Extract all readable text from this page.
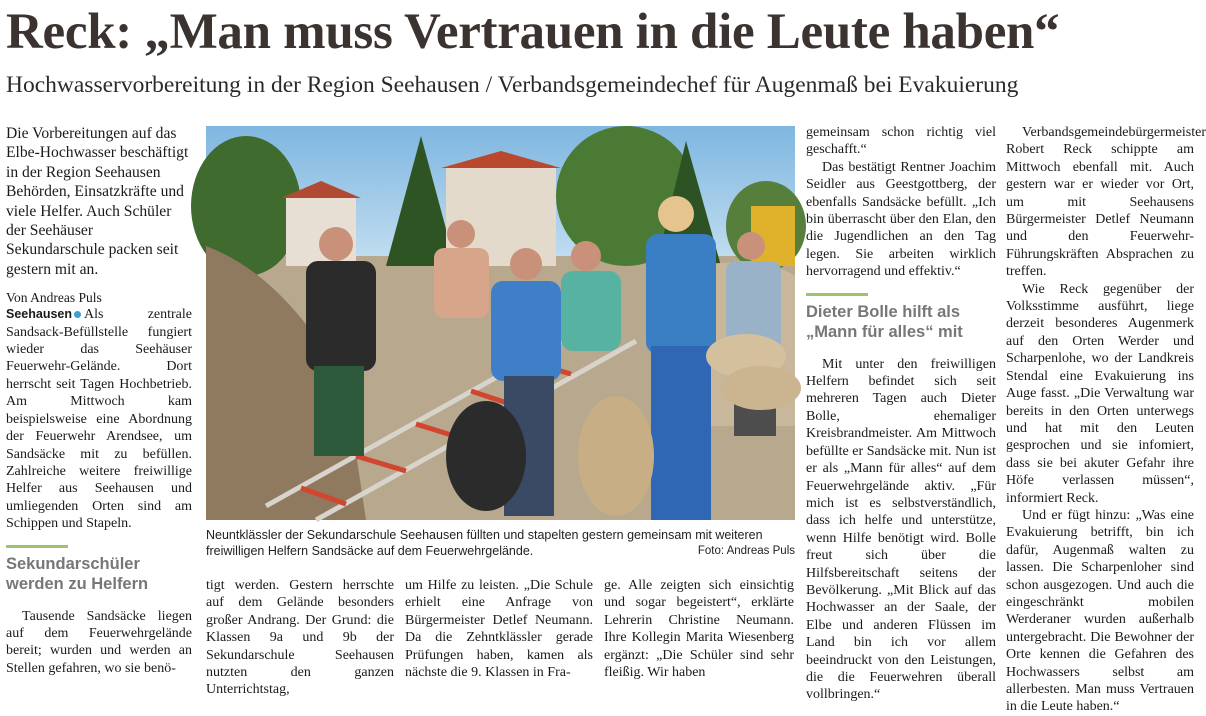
Reck: „Man muss Vertrauen in die Leute haben“
Hochwasservorbereitung in der Region Seehausen / Verbandsgemeindechef für Augenmaß bei Evakuierung

Die Vorbereitungen auf das Elbe-Hochwasser beschäftigt in der Region Seehausen Behörden, Einsatzkräfte und viele Helfer. Auch Schüler der Seehäuser Sekundarschule packen seit gestern mit an.

Von Andreas Puls

Seehausen Als zentrale Sandsack-Befüllstelle fungiert wieder das Seehäuser Feuerwehr-Gelände. Dort herrscht seit Tagen Hochbetrieb. Am Mittwoch kam beispielsweise eine Abordnung der Feuerwehr Arendsee, um Sandsäcke mit zu befüllen. Zahlreiche weitere freiwillige Helfer aus Seehausen und umliegenden Orten sind am Schippen und Stapeln.

Sekundarschüler
werden zu Helfern

Tausende Sandsäcke liegen auf dem Feuerwehrgelände bereit; wurden und werden an Stellen gefahren, wo sie benö-

Neuntklässler der Sekundarschule Seehausen füllten und stapelten gestern gemeinsam mit weiteren freiwilligen Helfern Sandsäcke auf dem Feuerwehrgelände.	Foto: Andreas Puls

tigt werden. Gestern herrschte auf dem Gelände besonders großer Andrang. Der Grund: die Klassen 9a und 9b der Sekundarschule Seehausen nutzten den ganzen Unterrichtstag,

um Hilfe zu leisten. „Die Schule erhielt eine Anfrage von Bürgermeister Detlef Neumann. Da die Zehntklässler gerade Prüfungen haben, kamen als nächste die 9. Klassen in Fra-

ge. Alle zeigten sich einsichtig und sogar begeistert“, erklärte Lehrerin Christine Neumann. Ihre Kollegin Marita Wiesenberg ergänzt: „Die Schüler sind sehr fleißig. Wir haben

gemeinsam schon richtig viel geschafft.“

Das bestätigt Rentner Joachim Seidler aus Geestgottberg, der ebenfalls Sandsäcke befüllt. „Ich bin überrascht über den Elan, den die Jugendlichen an den Tag legen. Sie arbeiten wirklich hervorragend und effektiv.“

Dieter Bolle hilft als
„Mann für alles“ mit

Mit unter den freiwilligen Helfern befindet sich seit mehreren Tagen auch Dieter Bolle, ehemaliger Kreisbrandmeister. Am Mittwoch befüllte er Sandsäcke mit. Nun ist er als „Mann für alles“ auf dem Feuerwehrgelände aktiv. „Für mich ist es selbstverständlich, dass ich helfe und unterstütze, wenn Hilfe benötigt wird. Bolle freut sich über die Hilfsbereitschaft seitens der Bevölkerung. „Mit Blick auf das Hochwasser an der Saale, der Elbe und anderen Flüssen im Land bin ich vor allem beeindruckt von den Leistungen, die die Feuerwehren überall vollbringen.“

Verbandsgemeindebürgermeister Robert Reck schippte am Mittwoch ebenfall mit. Auch gestern war er wieder vor Ort, um mit Seehausens Bürgermeister Detlef Neumann und den Feuerwehr-Führungskräften Absprachen zu treffen.

Wie Reck gegenüber der Volksstimme ausführt, liege derzeit besonderes Augenmerk auf den Orten Werder und Scharpenlohe, wo der Landkreis Stendal eine Evakuierung ins Auge fasst. „Die Verwaltung war bereits in den Orten unterwegs und hat mit den Leuten gesprochen und sie infomiert, dass sie bei akuter Gefahr ihre Höfe verlassen müssen“, informiert Reck.

Und er fügt hinzu: „Was eine Evakuierung betrifft, bin ich dafür, Augenmaß walten zu lassen. Die Scharpenloher sind schon ausgezogen. Und auch die eingeschränkt mobilen Werderaner wurden außerhalb untergebracht. Die Bewohner der Orte kennen die Gefahren des Hochwassers selbst am allerbesten. Man muss Vertrauen in die Leute haben.“
